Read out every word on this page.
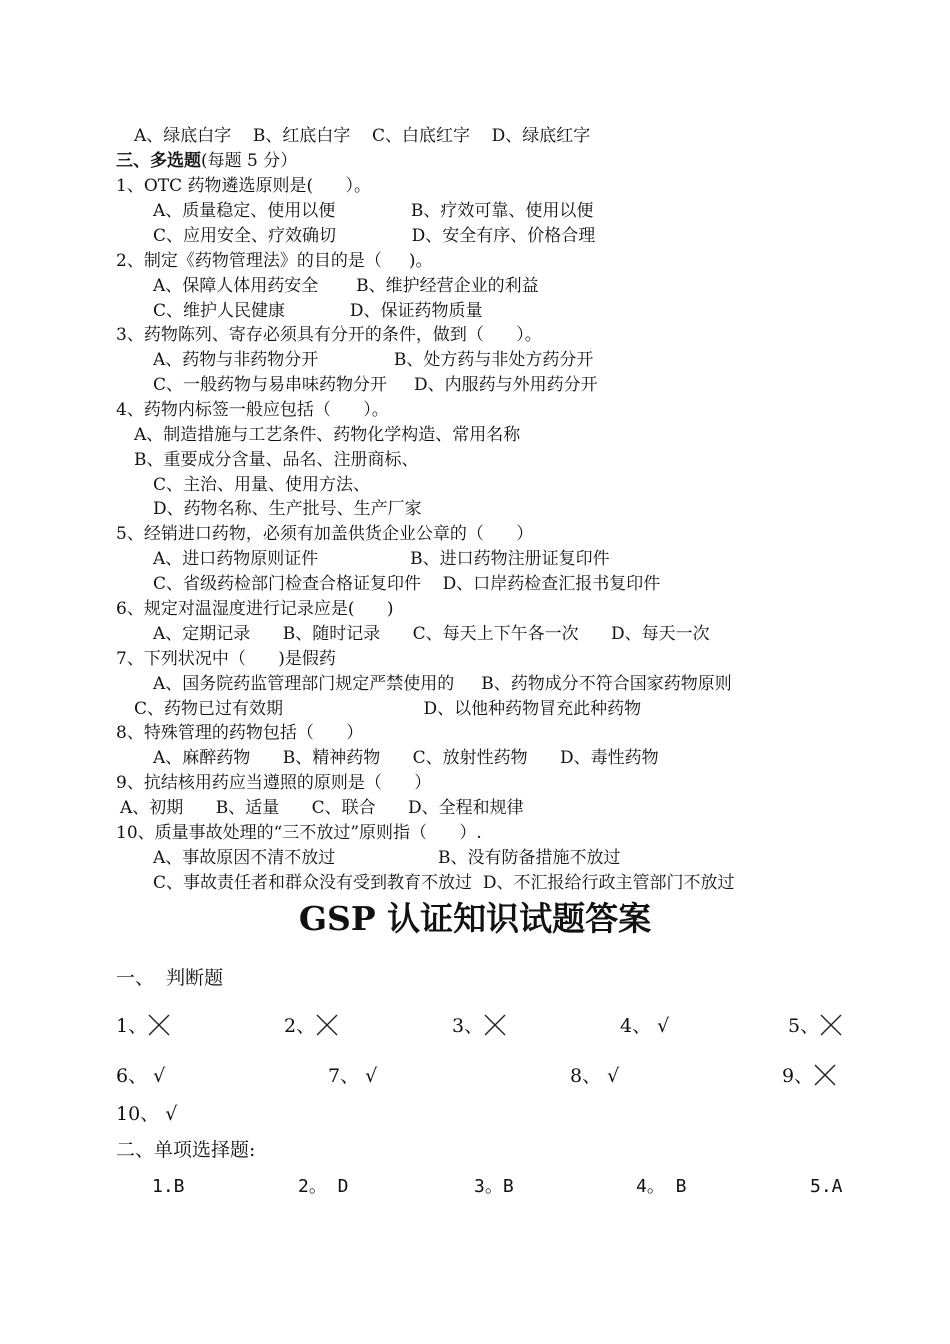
A、绿底白字    B、红底白字    C、白底红字    D、绿底红字
三、多选题(每题 5 分）
1、OTC 药物遴选原则是(      ）。
A、质量稳定、使用以便              B、疗效可靠、使用以便
C、应用安全、疗效确切              D、安全有序、价格合理
2、制定《药物管理法》的目的是（     )。
A、保障人体用药安全       B、维护经营企业的利益
C、维护人民健康            D、保证药物质量
3、药物陈列、寄存必须具有分开的条件，做到（      ）。
A、药物与非药物分开              B、处方药与非处方药分开
C、一般药物与易串味药物分开     D、内服药与外用药分开
4、药物内标签一般应包括（      ）。
A、制造措施与工艺条件、药物化学构造、常用名称
B、重要成分含量、品名、注册商标、
C、主治、用量、使用方法、
D、药物名称、生产批号、生产厂家
5、经销进口药物，必须有加盖供货企业公章的（      ）
A、进口药物原则证件                 B、进口药物注册证复印件
C、省级药检部门检查合格证复印件    D、口岸药检查汇报书复印件
6、规定对温湿度进行记录应是(      )
A、定期记录      B、随时记录      C、每天上下午各一次      D、每天一次
7、下列状况中（      )是假药
A、国务院药监管理部门规定严禁使用的     B、药物成分不符合国家药物原则
C、药物已过有效期                          D、以他种药物冒充此种药物
8、特殊管理的药物包括（      ）
A、麻醉药物      B、精神药物      C、放射性药物      D、毒性药物
9、抗结核用药应当遵照的原则是（      ）
A、初期      B、适量      C、联合      D、全程和规律
10、质量事故处理的“三不放过”原则指（      ）.
A、事故原因不清不放过                   B、没有防备措施不放过
C、事故责任者和群众没有受到教育不放过  D、不汇报给行政主管部门不放过
GSP 认证知识试题答案
一、  判断题
1、	2、	3、	4、 √	5、
6、 √	7、 √	8、 √	9、
10、 √
二、单项选择题:
1.B	2。 D	3。B	4。 B	5.A
